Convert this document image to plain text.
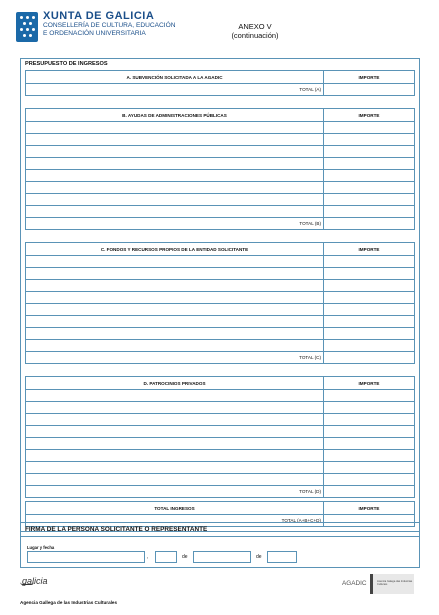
XUNTA DE GALICIA
CONSELLERÍA DE CULTURA, EDUCACIÓN
E ORDENACIÓN UNIVERSITARIA
ANEXO V
(continuación)
PRESUPUESTO DE INGRESOS
A. SUBVENCIÓN SOLICITADA A LA AGADIC	IMPORTE
TOTAL (A)
B. AYUDAS DE ADMINISTRACIONES PÚBLICAS	IMPORTE
TOTAL (B)
C. FONDOS Y RECURSOS PROPIOS DE LA ENTIDAD SOLICITANTE	IMPORTE
TOTAL (C)
D. PATROCINIOS PRIVADOS	IMPORTE
TOTAL (D)
TOTAL INGRESOS	IMPORTE
TOTAL (A+B+C+D)
FIRMA DE LA PERSONA SOLICITANTE O REPRESENTANTE
Lugar y fecha
,	de	de
galicia
Agencia Gallega de las Industrias Culturales
AGADIC	Axencia Galega das Industrias Culturais
